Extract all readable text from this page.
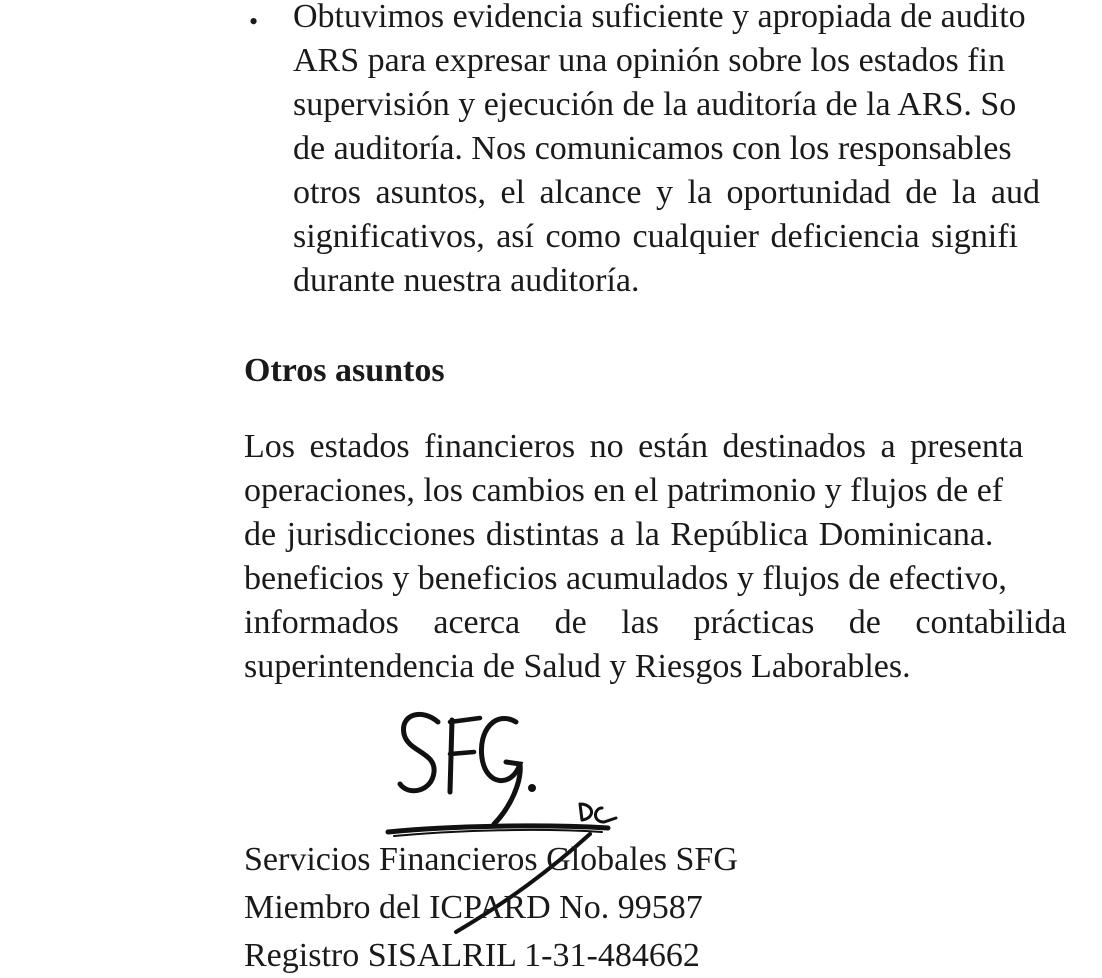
• Obtuvimos evidencia suficiente y apropiada de audito
ARS para expresar una opinión sobre los estados fin
supervisión y ejecución de la auditoría de la ARS. So
de auditoría. Nos comunicamos con los responsables
otros asuntos, el alcance y la oportunidad de la aud
significativos, así como cualquier deficiencia signifi
durante nuestra auditoría.
Otros asuntos
Los estados financieros no están destinados a presenta
operaciones, los cambios en el patrimonio y flujos de ef
de jurisdicciones distintas a la República Dominicana.
beneficios y beneficios acumulados y flujos de efectivo,
informados acerca de las prácticas de contabilida
superintendencia de Salud y Riesgos Laborables.
Servicios Financieros Globales SFG
Miembro del ICPARD No. 99587
Registro SISALRIL 1-31-484662
